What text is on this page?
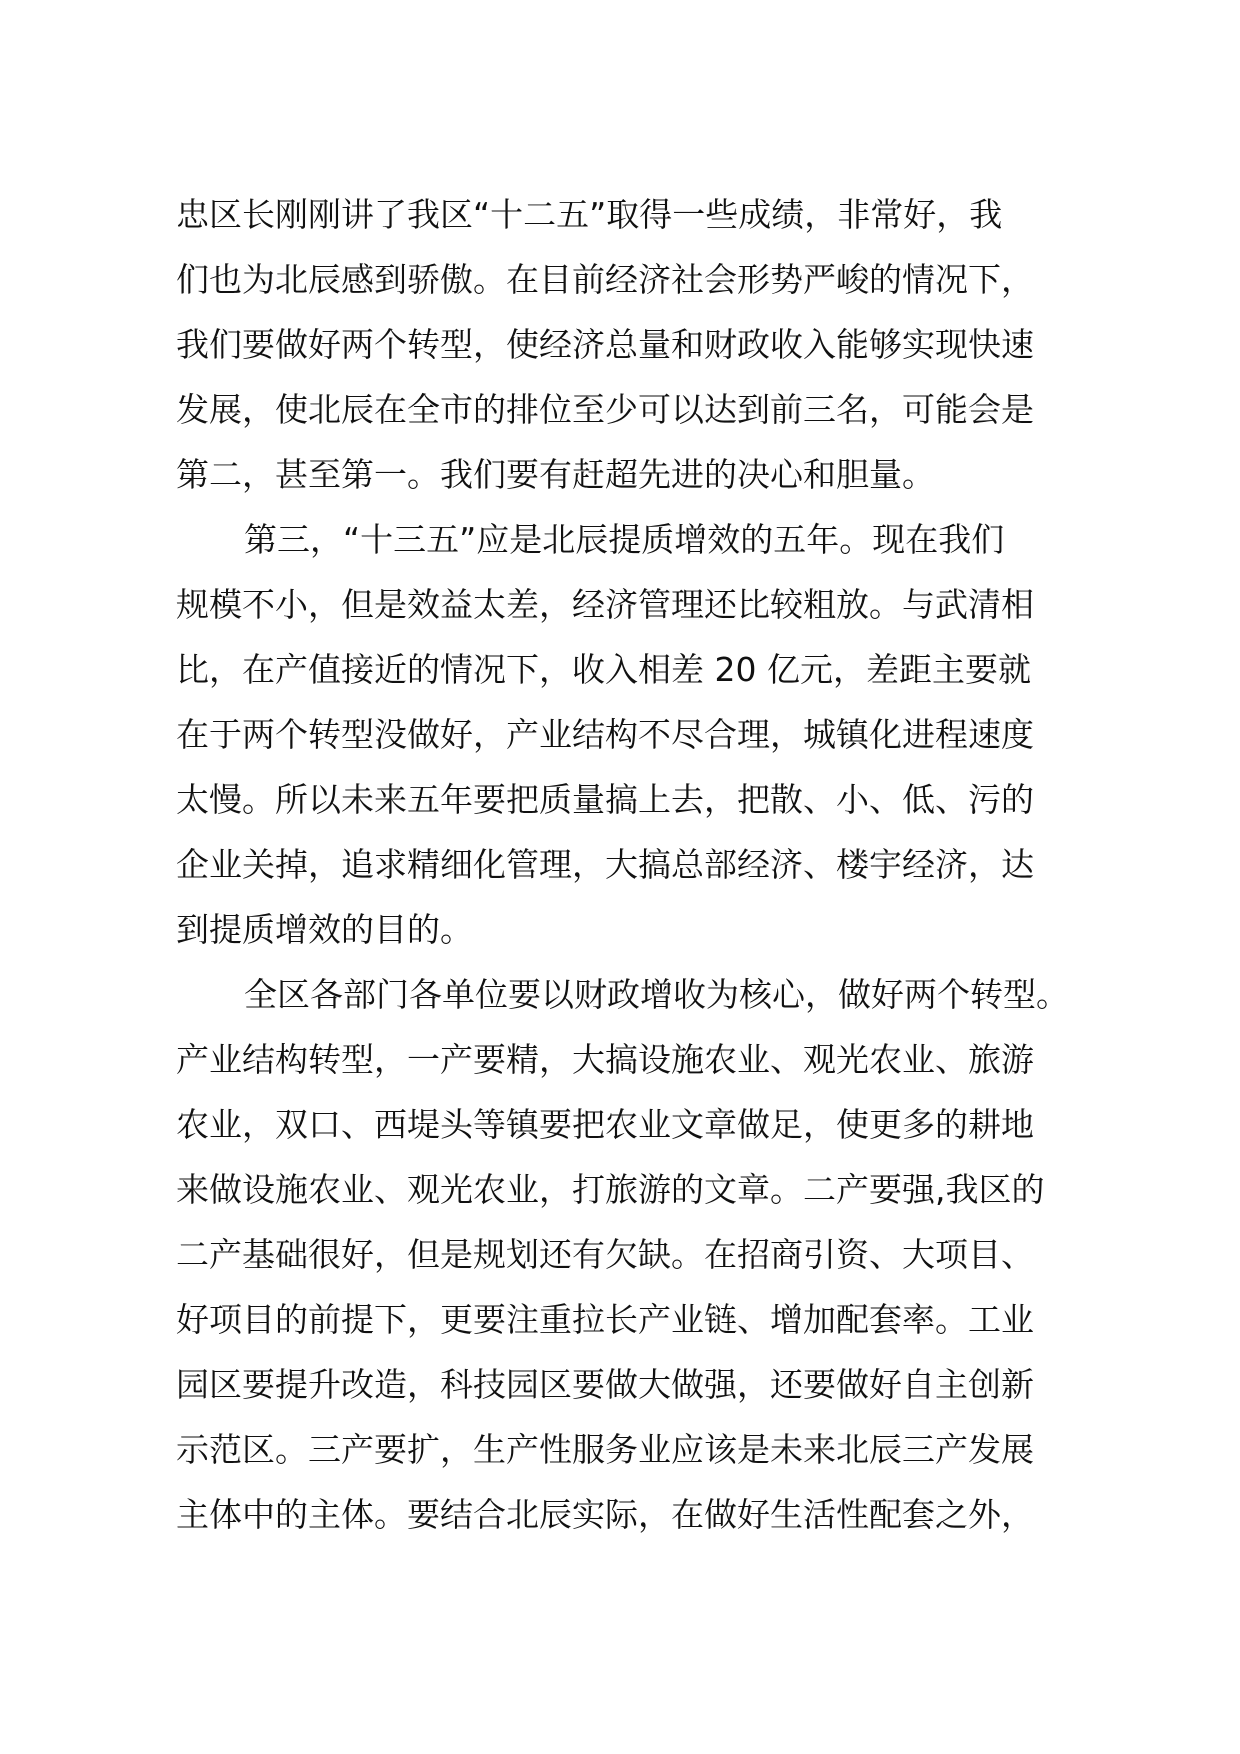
忠区长刚刚讲了我区“十二五”取得一些成绩，非常好，我
们也为北辰感到骄傲。在目前经济社会形势严峻的情况下，
我们要做好两个转型，使经济总量和财政收入能够实现快速
发展，使北辰在全市的排位至少可以达到前三名，可能会是
第二，甚至第一。我们要有赶超先进的决心和胆量。
第三，“十三五”应是北辰提质增效的五年。现在我们
规模不小，但是效益太差，经济管理还比较粗放。与武清相
比，在产值接近的情况下，收入相差 20 亿元，差距主要就
在于两个转型没做好，产业结构不尽合理，城镇化进程速度
太慢。所以未来五年要把质量搞上去，把散、小、低、污的
企业关掉，追求精细化管理，大搞总部经济、楼宇经济，达
到提质增效的目的。
全区各部门各单位要以财政增收为核心，做好两个转型。
产业结构转型，一产要精，大搞设施农业、观光农业、旅游
农业，双口、西堤头等镇要把农业文章做足，使更多的耕地
来做设施农业、观光农业，打旅游的文章。二产要强,我区的
二产基础很好，但是规划还有欠缺。在招商引资、大项目、
好项目的前提下，更要注重拉长产业链、增加配套率。工业
园区要提升改造，科技园区要做大做强，还要做好自主创新
示范区。三产要扩，生产性服务业应该是未来北辰三产发展
主体中的主体。要结合北辰实际，在做好生活性配套之外，
